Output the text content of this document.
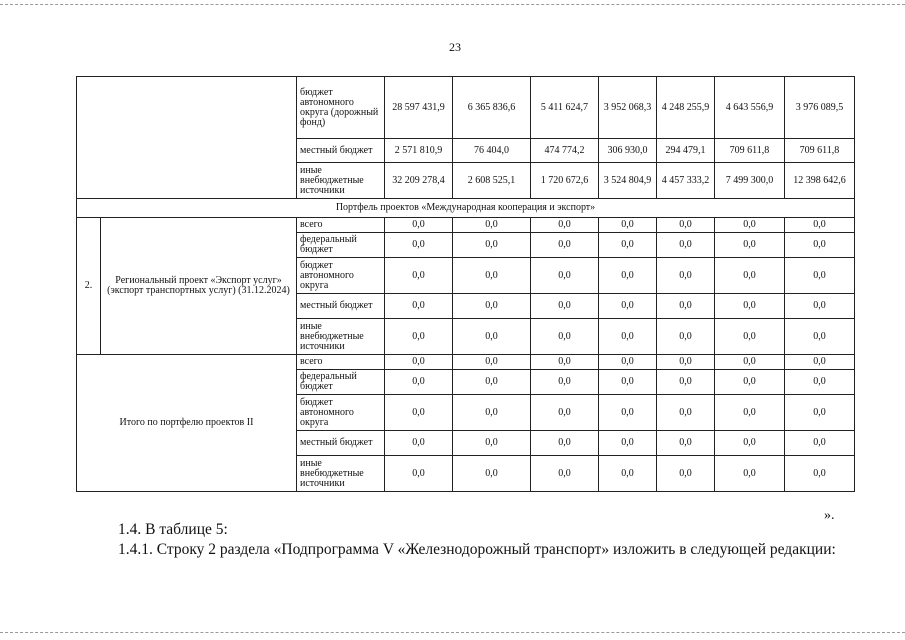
23
		бюджет автономного округа (дорожный фонд)	28 597 431,9	6 365 836,6	5 411 624,7	3 952 068,3	4 248 255,9	4 643 556,9	3 976 089,5
		местный бюджет	2 571 810,9	76 404,0	474 774,2	306 930,0	294 479,1	709 611,8	709 611,8
		иные внебюджетные источники	32 209 278,4	2 608 525,1	1 720 672,6	3 524 804,9	4 457 333,2	7 499 300,0	12 398 642,6
Портфель проектов «Международная кооперация и экспорт»									
2.	Региональный проект «Экспорт услуг» (экспорт транспортных услуг) (31.12.2024)	всего	0,0	0,0	0,0	0,0	0,0	0,0	0,0
		федеральный бюджет	0,0	0,0	0,0	0,0	0,0	0,0	0,0
		бюджет автономного округа	0,0	0,0	0,0	0,0	0,0	0,0	0,0
		местный бюджет	0,0	0,0	0,0	0,0	0,0	0,0	0,0
		иные внебюджетные источники	0,0	0,0	0,0	0,0	0,0	0,0	0,0
Итого по портфелю проектов II		всего	0,0	0,0	0,0	0,0	0,0	0,0	0,0
		федеральный бюджет	0,0	0,0	0,0	0,0	0,0	0,0	0,0
		бюджет автономного округа	0,0	0,0	0,0	0,0	0,0	0,0	0,0
		местный бюджет	0,0	0,0	0,0	0,0	0,0	0,0	0,0
		иные внебюджетные источники	0,0	0,0	0,0	0,0	0,0	0,0	0,0
».

1.4. В таблице 5:

1.4.1. Строку 2 раздела «Подпрограмма V «Железнодорожный транспорт» изложить в следующей редакции:
